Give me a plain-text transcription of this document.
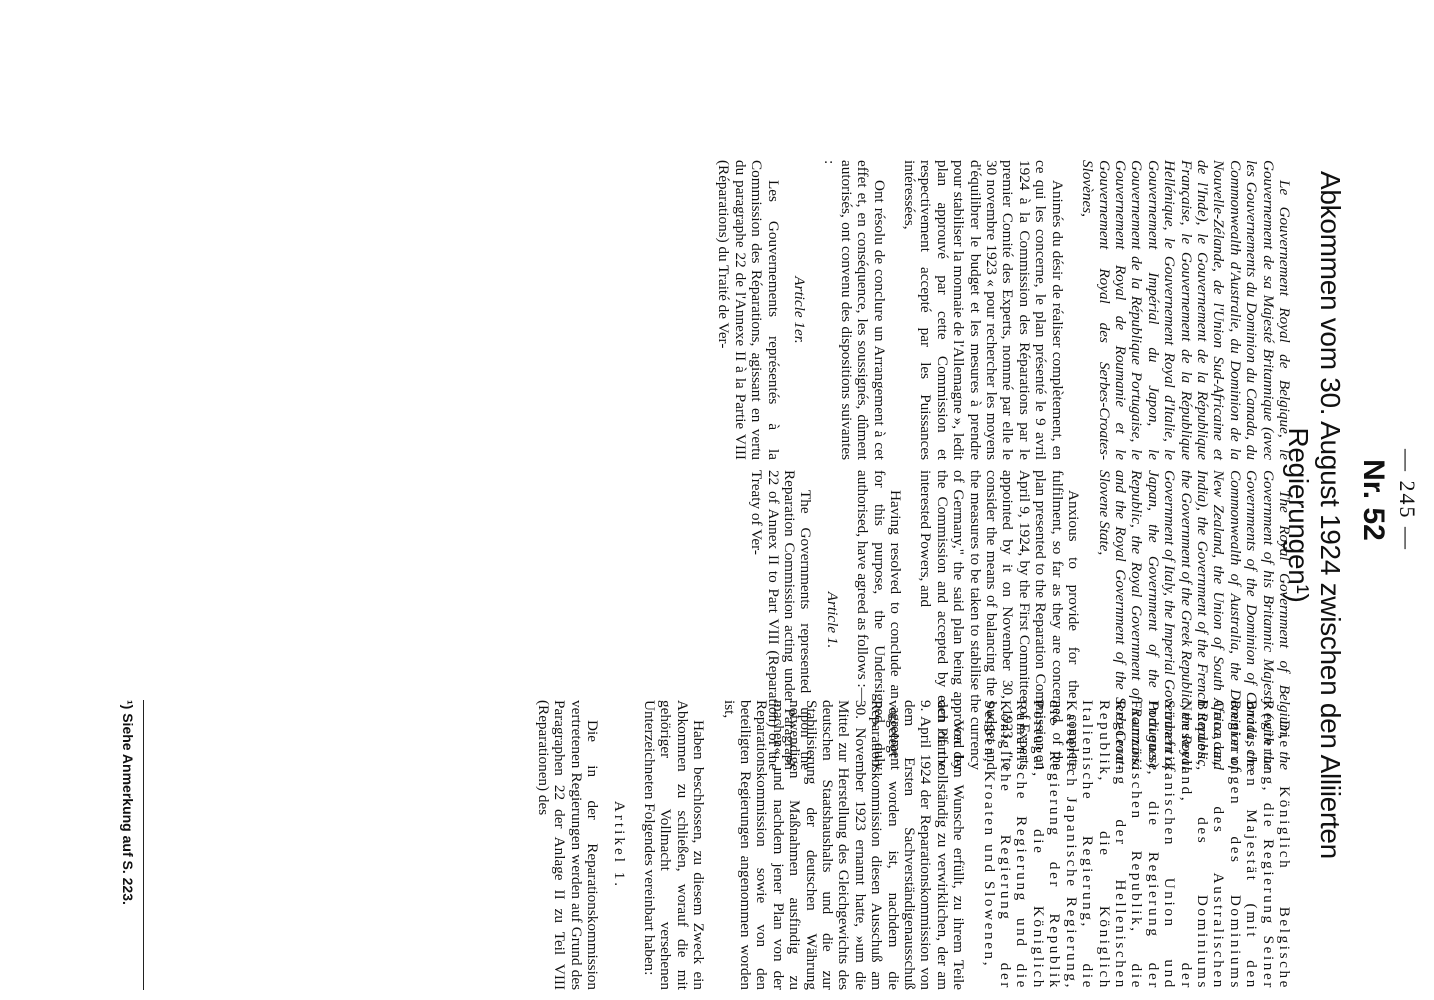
— 245 —
Nr. 52
Abkommen vom 30. August 1924 zwischen den Alliierten Regierungen¹)

Le Gouvernement Royal de Belgique, le Gouvernement de sa Majesté Britannique (avec les Gouvernements du Dominion du Canada, du Commonwealth d'Australie, du Dominion de la Nouvelle-Zélande, de l'Union Sud-Africaine et de l'Inde), le Gouvernement de la République Française, le Gouvernement de la République Hellénique, le Gouvernement Royal d'Italie, le Gouvernement Impérial du Japon, le Gouvernement de la République Portugaise, le Gouvernement Royal de Roumanie et le Gouvernement Royal des Serbes-Croates-Slovènes,

Animés du désir de réaliser complètement, en ce qui les concerne, le plan présenté le 9 avril 1924 à la Commission des Réparations par le premier Comité des Experts, nommé par elle le 30 novembre 1923 « pour rechercher les moyens d'équilibrer le budget et les mesures à prendre pour stabiliser la monnaie de l'Allemagne », ledit plan approuvé par cette Commission et respectivement accepté par les Puissances intéressées,

Ont résolu de conclure un Arrangement à cet effet et, en conséquence, les soussignés, dûment autorisés, ont convenu des dispositions suivantes :

Article 1er.

Les Gouvernements représentés à la Commission des Réparations, agissant en vertu du paragraphe 22 de l'Annexe II à la Partie VIII (Réparations) du Traité de Ver-

The Royal Government of Belgium, the Government of his Britannic Majesty (with the Governments of the Dominion of Canada, the Commonwealth of Australia, the Dominion of New Zealand, the Union of South Africa, and India), the Government of the French Republic, the Government of the Greek Republic, the Royal Government of Italy, the Imperial Government of Japan, the Government of the Portuguese Republic, the Royal Government of Roumania and the Royal Government of the Serb-Croat-Slovene State,

Anxious to provide for the complete fulfilment, so far as they are concerned, of the plan presented to the Reparation Commission on April 9, 1924, by the First Committee of Experts appointed by it on November 30, 1923, "to consider the means of balancing the budget and the measures to be taken to stabilise the currency of Germany," the said plan being approved by the Commission and accepted by each of the interested Powers, and

Having resolved to conclude an agreement for this purpose, the Undersigned, duly authorised, have agreed as follows :—

Article 1.

The Governments represented upon the Reparation Commission acting under Paragraph 22 of Annex II to Part VIII (Reparation) of the Treaty of Ver-

Die Königlich Belgische Regierung, die Regierung Seiner Britischen Majestät (mit den Regierungen des Dominiums Canada, des Australischen Bundes, des Dominiums Neuseeland, der Südafrikanischen Union und Indiens), die Regierung der Französischen Republik, die Regierung der Hellenischen Republik, die Königlich Italienische Regierung, die Kaiserlich Japanische Regierung, die Regierung der Republik Portugal, die Königlich Rumänische Regierung und die Königliche Regierung der Serben, Kroaten und Slowenen,

Von dem Wunsche erfüllt, zu ihrem Teile den Plan vollständig zu verwirklichen, der am 9. April 1924 der Reparationskommission von dem Ersten Sachverständigenausschuß vorgelegt worden ist, nachdem die Reparationskommission diesen Ausschuß am 30. November 1923 ernannt hatte, »um die Mittel zur Herstellung des Gleichgewichts des deutschen Staatshaushalts und die zur Stabilisierung der deutschen Währung notwendigen Maßnahmen ausfindig zu machen«, und nachdem jener Plan von der Reparationskommission sowie von den beteiligten Regierungen angenommen worden ist,

Haben beschlossen, zu diesem Zweck ein Abkommen zu schließen, worauf die mit gehöriger Vollmacht versehenen Unterzeichneten Folgendes vereinbart haben:

Artikel 1.

Die in der Reparationskommission vertretenen Regierungen werden auf Grund des Paragraphen 22 der Anlage II zu Teil VIII (Reparationen) des

¹) Siehe Anmerkung auf S. 223.
